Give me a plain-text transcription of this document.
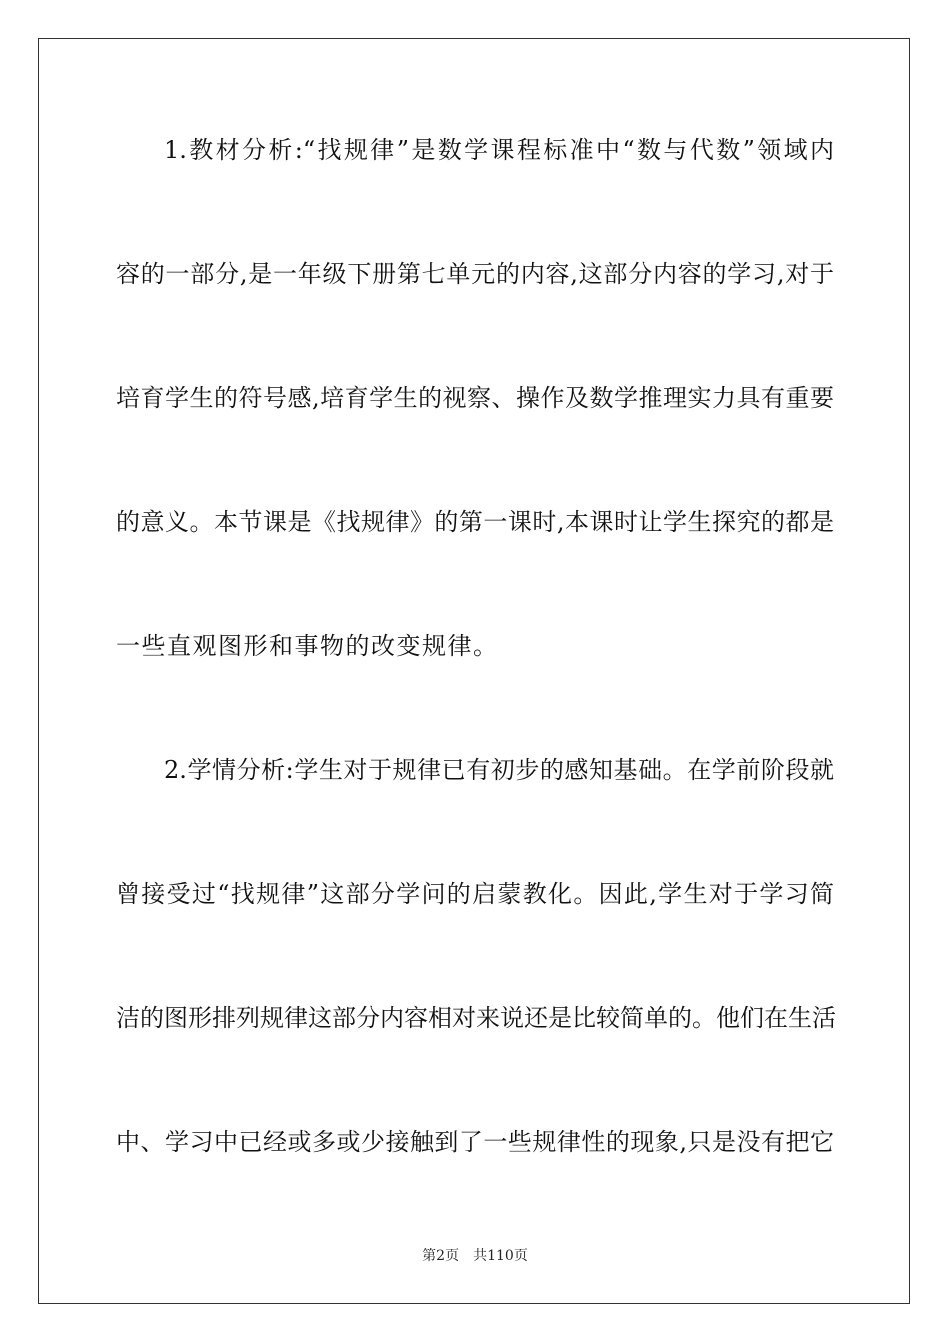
1.教材分析:“找规律”是数学课程标准中“数与代数”领域内
容的一部分,是一年级下册第七单元的内容,这部分内容的学习,对于
培育学生的符号感,培育学生的视察、操作及数学推理实力具有重要
的意义。本节课是《找规律》的第一课时,本课时让学生探究的都是
一些直观图形和事物的改变规律。
2.学情分析:学生对于规律已有初步的感知基础。在学前阶段就
曾接受过“找规律”这部分学问的启蒙教化。因此,学生对于学习简
洁的图形排列规律这部分内容相对来说还是比较简单的。他们在生活
中、学习中已经或多或少接触到了一些规律性的现象,只是没有把它
第2页 共110页
